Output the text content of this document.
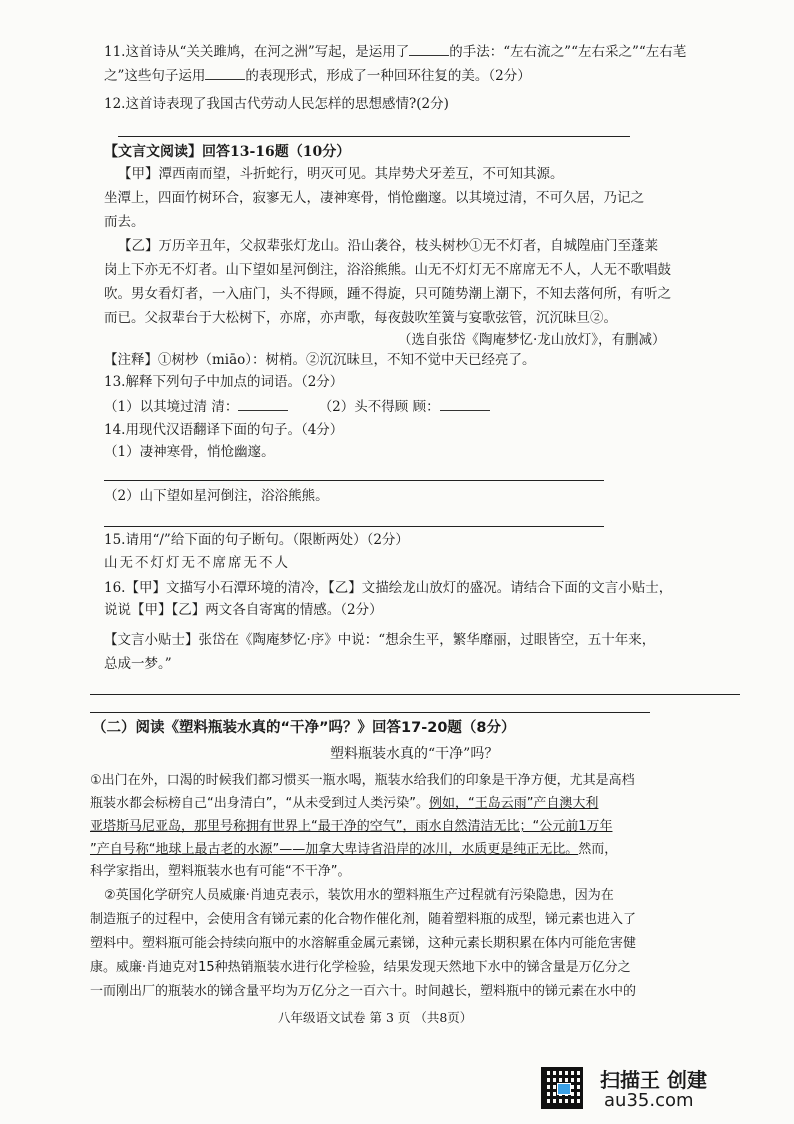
11.这首诗从“关关雎鸠，在河之洲”写起，是运用了	的手法：“左右流之”“左右采之”“左右芼
之”这些句子运用	的表现形式，形成了一种回环往复的美。（2分）
12.这首诗表现了我国古代劳动人民怎样的思想感情?(2分)
【文言文阅读】回答13-16题（10分）
【甲】潭西南而望，斗折蛇行，明灭可见。其岸势犬牙差互，不可知其源。
坐潭上，四面竹树环合，寂寥无人，凄神寒骨，悄怆幽邃。以其境过清，不可久居，乃记之
而去。
【乙】万历辛丑年，父叔辈张灯龙山。沿山袭谷，枝头树杪①无不灯者，自城隍庙门至蓬莱
岗上下亦无不灯者。山下望如星河倒注，浴浴熊熊。山无不灯灯无不席席无不人，人无不歌唱鼓
吹。男女看灯者，一入庙门，头不得顾，踵不得旋，只可随势潮上潮下，不知去落何所，有听之
而已。父叔辈台于大松树下，亦席，亦声歌，每夜鼓吹笙簧与宴歌弦管，沉沉昧旦②。
（选自张岱《陶庵梦忆·龙山放灯》，有删减）
【注释】①树杪（miāo）：树梢。②沉沉昧旦，不知不觉中天已经亮了。
13.解释下列句子中加点的词语。（2分）
（1）以其境过清 清：	（2）头不得顾 顾：
14.用现代汉语翻译下面的句子。（4分）
（1）凄神寒骨，悄怆幽邃。
（2）山下望如星河倒注，浴浴熊熊。
15.请用“/”给下面的句子断句。（限断两处）（2分）
山无不灯灯无不席席无不人
16.【甲】文描写小石潭环境的清冷，【乙】文描绘龙山放灯的盛况。请结合下面的文言小贴士，
说说【甲】【乙】两文各自寄寓的情感。（2分）
【文言小贴士】张岱在《陶庵梦忆·序》中说：“想余生平，繁华靡丽，过眼皆空，五十年来，
总成一梦。”
（二）阅读《塑料瓶装水真的“干净”吗？》回答17-20题（8分）
塑料瓶装水真的“干净”吗？
①出门在外，口渴的时候我们都习惯买一瓶水喝，瓶装水给我们的印象是干净方便，尤其是高档
瓶装水都会标榜自己“出身清白”，“从未受到过人类污染”。例如，“王岛云雨”产自澳大利
亚塔斯马尼亚岛，那里号称拥有世界上“最干净的空气”，雨水自然清洁无比；“公元前1万年
”产自号称“地球上最古老的水源”——加拿大卑诗省沿岸的冰川，水质更是纯正无比。然而，
科学家指出，塑料瓶装水也有可能“不干净”。
②英国化学研究人员威廉·肖迪克表示，装饮用水的塑料瓶生产过程就有污染隐患，因为在
制造瓶子的过程中，会使用含有锑元素的化合物作催化剂，随着塑料瓶的成型，锑元素也进入了
塑料中。塑料瓶可能会持续向瓶中的水溶解重金属元素锑，这种元素长期积累在体内可能危害健
康。威廉·肖迪克对15种热销瓶装水进行化学检验，结果发现天然地下水中的锑含量是万亿分之
一而刚出厂的瓶装水的锑含量平均为万亿分之一百六十。时间越长，塑料瓶中的锑元素在水中的
八年级语文试卷 第 3 页 （共8页）
扫描王 创建
au35.com
